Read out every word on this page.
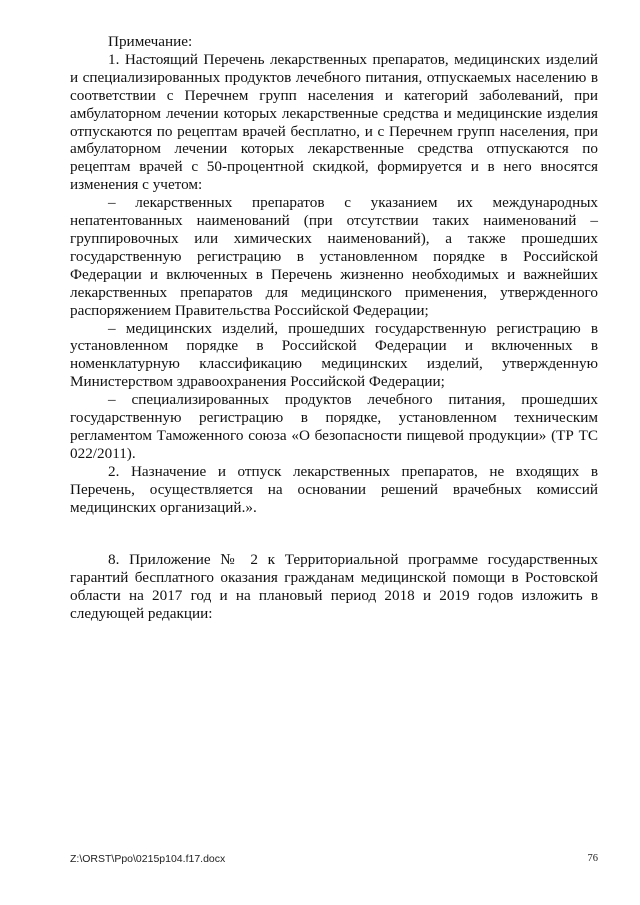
Примечание:

1. Настоящий Перечень лекарственных препаратов, медицинских изделий и специализированных продуктов лечебного питания, отпускаемых населению в соответствии с Перечнем групп населения и категорий заболеваний, при амбулаторном лечении которых лекарственные средства и медицинские изделия отпускаются по рецептам врачей бесплатно, и с Перечнем групп населения, при амбулаторном лечении которых лекарственные средства отпускаются по рецептам врачей с 50-процентной скидкой, формируется и в него вносятся изменения с учетом:

– лекарственных препаратов с указанием их международных непатентованных наименований (при отсутствии таких наименований – группировочных или химических наименований), а также прошедших государственную регистрацию в установленном порядке в Российской Федерации и включенных в Перечень жизненно необходимых и важнейших лекарственных препаратов для медицинского применения, утвержденного распоряжением Правительства Российской Федерации;

– медицинских изделий, прошедших государственную регистрацию в установленном порядке в Российской Федерации и включенных в номенклатурную классификацию медицинских изделий, утвержденную Министерством здравоохранения Российской Федерации;

– специализированных продуктов лечебного питания, прошедших государственную регистрацию в порядке, установленном техническим регламентом Таможенного союза «О безопасности пищевой продукции» (ТР ТС 022/2011).

2. Назначение и отпуск лекарственных препаратов, не входящих в Перечень, осуществляется на основании решений врачебных комиссий медицинских организаций.».

8. Приложение № 2 к Территориальной программе государственных гарантий бесплатного оказания гражданам медицинской помощи в Ростовской области на 2017 год и на плановый период 2018 и 2019 годов изложить в следующей редакции:

Z:\ORST\Ppo\0215p104.f17.docx	76
